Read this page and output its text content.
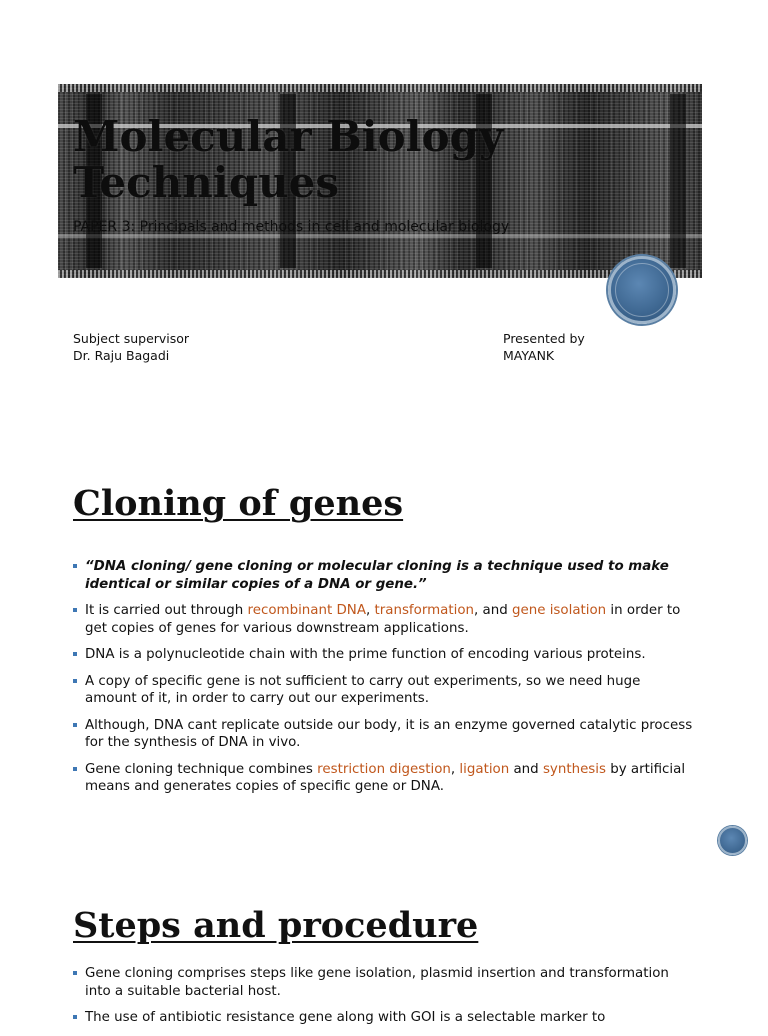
Molecular Biology Techniques

PAPER 3: Principals and methods in cell and molecular biology

Subject supervisor
Dr. Raju Bagadi
Presented by
MAYANK
Cloning of genes
“DNA cloning/ gene cloning or molecular cloning is a technique used to make identical or similar copies of a DNA or gene.”
It is carried out through recombinant DNA, transformation, and gene isolation in order to get copies of genes for various downstream applications.
DNA is a polynucleotide chain with the prime function of encoding various proteins.
A copy of specific gene is not sufficient to carry out experiments, so we need huge amount of it, in order to carry out our experiments.
Although, DNA cant replicate outside our body, it is an enzyme governed catalytic process for the synthesis of DNA in vivo.
Gene cloning technique combines restriction digestion, ligation and synthesis by artificial means and generates copies of specific gene or DNA.
Steps and procedure
Gene cloning comprises steps like gene isolation, plasmid insertion and transformation into a suitable bacterial host.
The use of antibiotic resistance gene along with GOI is a selectable marker to
